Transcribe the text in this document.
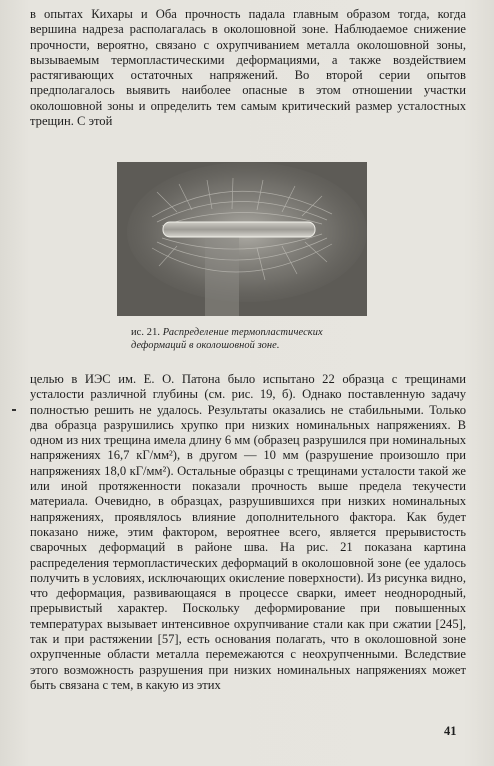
в опытах Кихары и Оба прочность падала главным образом тогда, когда вершина надреза располагалась в околошовной зоне. Наблюдаемое снижение прочности, вероятно, связано с охрупчиванием металла околошовной зоны, вызываемым термопластическими деформациями, а также воздействием растягивающих остаточных напряжений. Во второй серии опытов предполагалось выявить наиболее опасные в этом отношении участки околошовной зоны и определить тем самым критический размер усталостных трещин. С этой

ис. 21. Распределение термопластических деформаций в околошовной зоне.

целью в ИЭС им. Е. О. Патона было испытано 22 образца с трещинами усталости различной глубины (см. рис. 19, б). Однако поставленную задачу полностью решить не удалось. Результаты оказались не стабильными. Только два образца разрушились хрупко при низких номинальных напряжениях. В одном из них трещина имела длину 6 мм (образец разрушился при номинальных напряжениях 16,7 кГ/мм²), в другом — 10 мм (разрушение произошло при напряжениях 18,0 кГ/мм²). Остальные образцы с трещинами усталости такой же или иной протяженности показали прочность выше предела текучести материала. Очевидно, в образцах, разрушившихся при низких номинальных напряжениях, проявлялось влияние дополнительного фактора. Как будет показано ниже, этим фактором, вероятнее всего, является прерывистость сварочных деформаций в районе шва. На рис. 21 показана картина распределения термопластических деформаций в околошовной зоне (ее удалось получить в условиях, исключающих окисление поверхности). Из рисунка видно, что деформация, развивающаяся в процессе сварки, имеет неоднородный, прерывистый характер. Поскольку деформирование при повышенных температурах вызывает интенсивное охрупчивание стали как при сжатии [245], так и при растяжении [57], есть основания полагать, что в околошовной зоне охрупченные области металла перемежаются с неохрупченными. Вследствие этого возможность разрушения при низких номинальных напряжениях может быть связана с тем, в какую из этих

41
